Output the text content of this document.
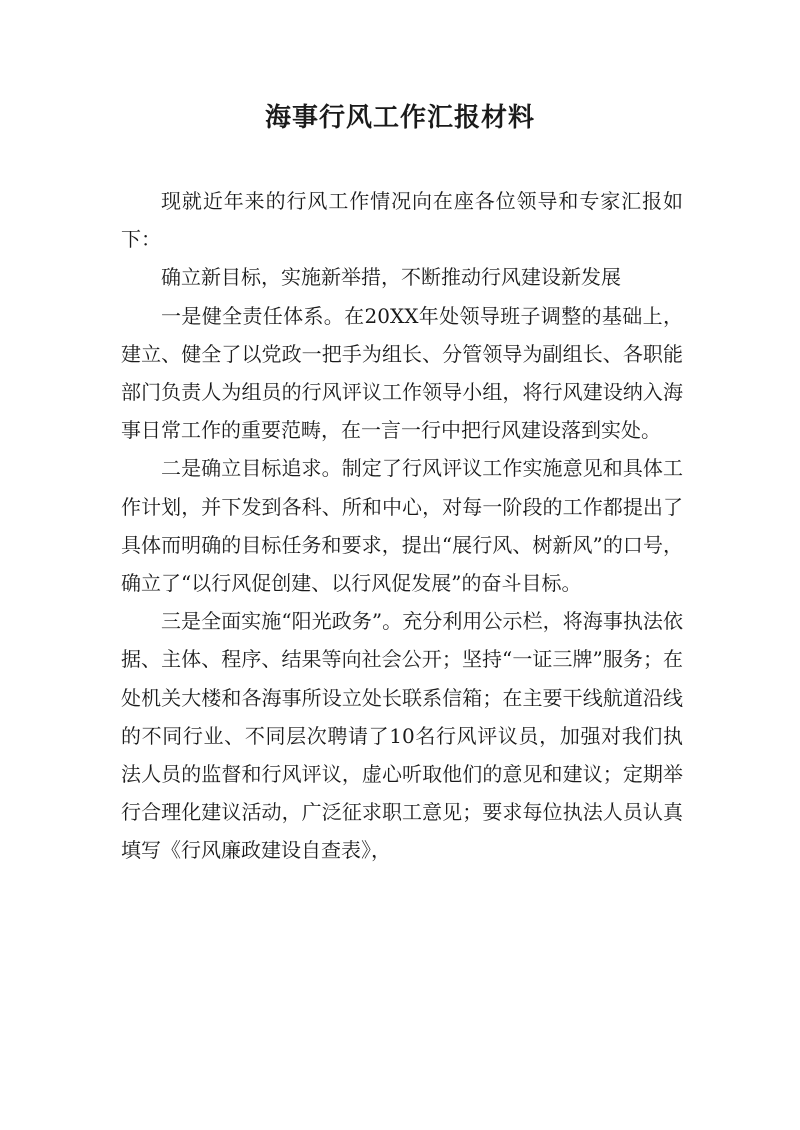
海事行风工作汇报材料

现就近年来的行风工作情况向在座各位领导和专家汇报如下：

确立新目标，实施新举措，不断推动行风建设新发展

一是健全责任体系。在20XX年处领导班子调整的基础上，建立、健全了以党政一把手为组长、分管领导为副组长、各职能部门负责人为组员的行风评议工作领导小组，将行风建设纳入海事日常工作的重要范畴，在一言一行中把行风建设落到实处。

二是确立目标追求。制定了行风评议工作实施意见和具体工作计划，并下发到各科、所和中心，对每一阶段的工作都提出了具体而明确的目标任务和要求，提出“展行风、树新风”的口号，确立了“以行风促创建、以行风促发展”的奋斗目标。

三是全面实施“阳光政务”。充分利用公示栏，将海事执法依据、主体、程序、结果等向社会公开；坚持“一证三牌”服务；在处机关大楼和各海事所设立处长联系信箱；在主要干线航道沿线的不同行业、不同层次聘请了10名行风评议员，加强对我们执法人员的监督和行风评议，虚心听取他们的意见和建议；定期举行合理化建议活动，广泛征求职工意见；要求每位执法人员认真填写《行风廉政建设自查表》，
